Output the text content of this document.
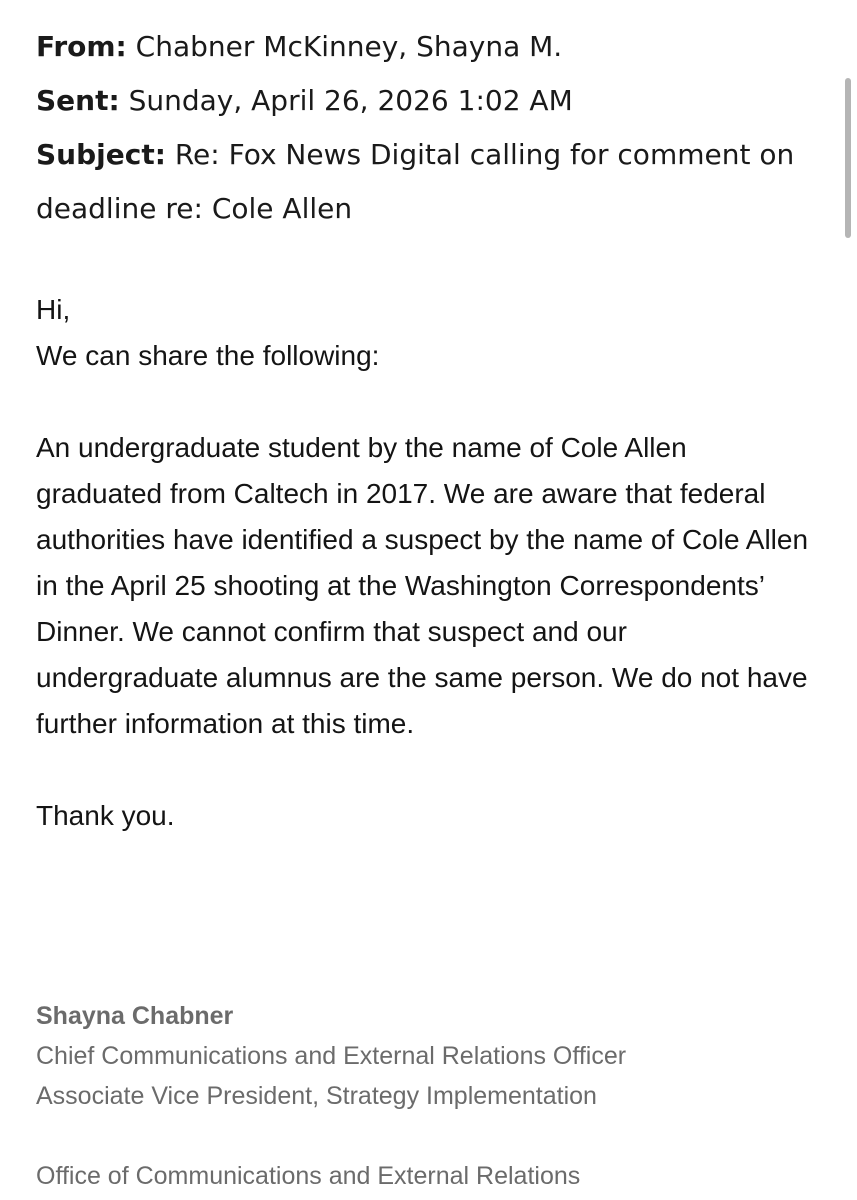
From: Chabner McKinney, Shayna M.
Sent: Sunday, April 26, 2026 1:02 AM
Subject: Re: Fox News Digital calling for comment on deadline re: Cole Allen

Hi,

We can share the following:

An undergraduate student by the name of Cole Allen graduated from Caltech in 2017. We are aware that federal authorities have identified a suspect by the name of Cole Allen in the April 25 shooting at the Washington Correspondents’ Dinner. We cannot confirm that suspect and our undergraduate alumnus are the same person. We do not have further information at this time.

Thank you.

Shayna Chabner
Chief Communications and External Relations Officer
Associate Vice President, Strategy Implementation
Office of Communications and External Relations
